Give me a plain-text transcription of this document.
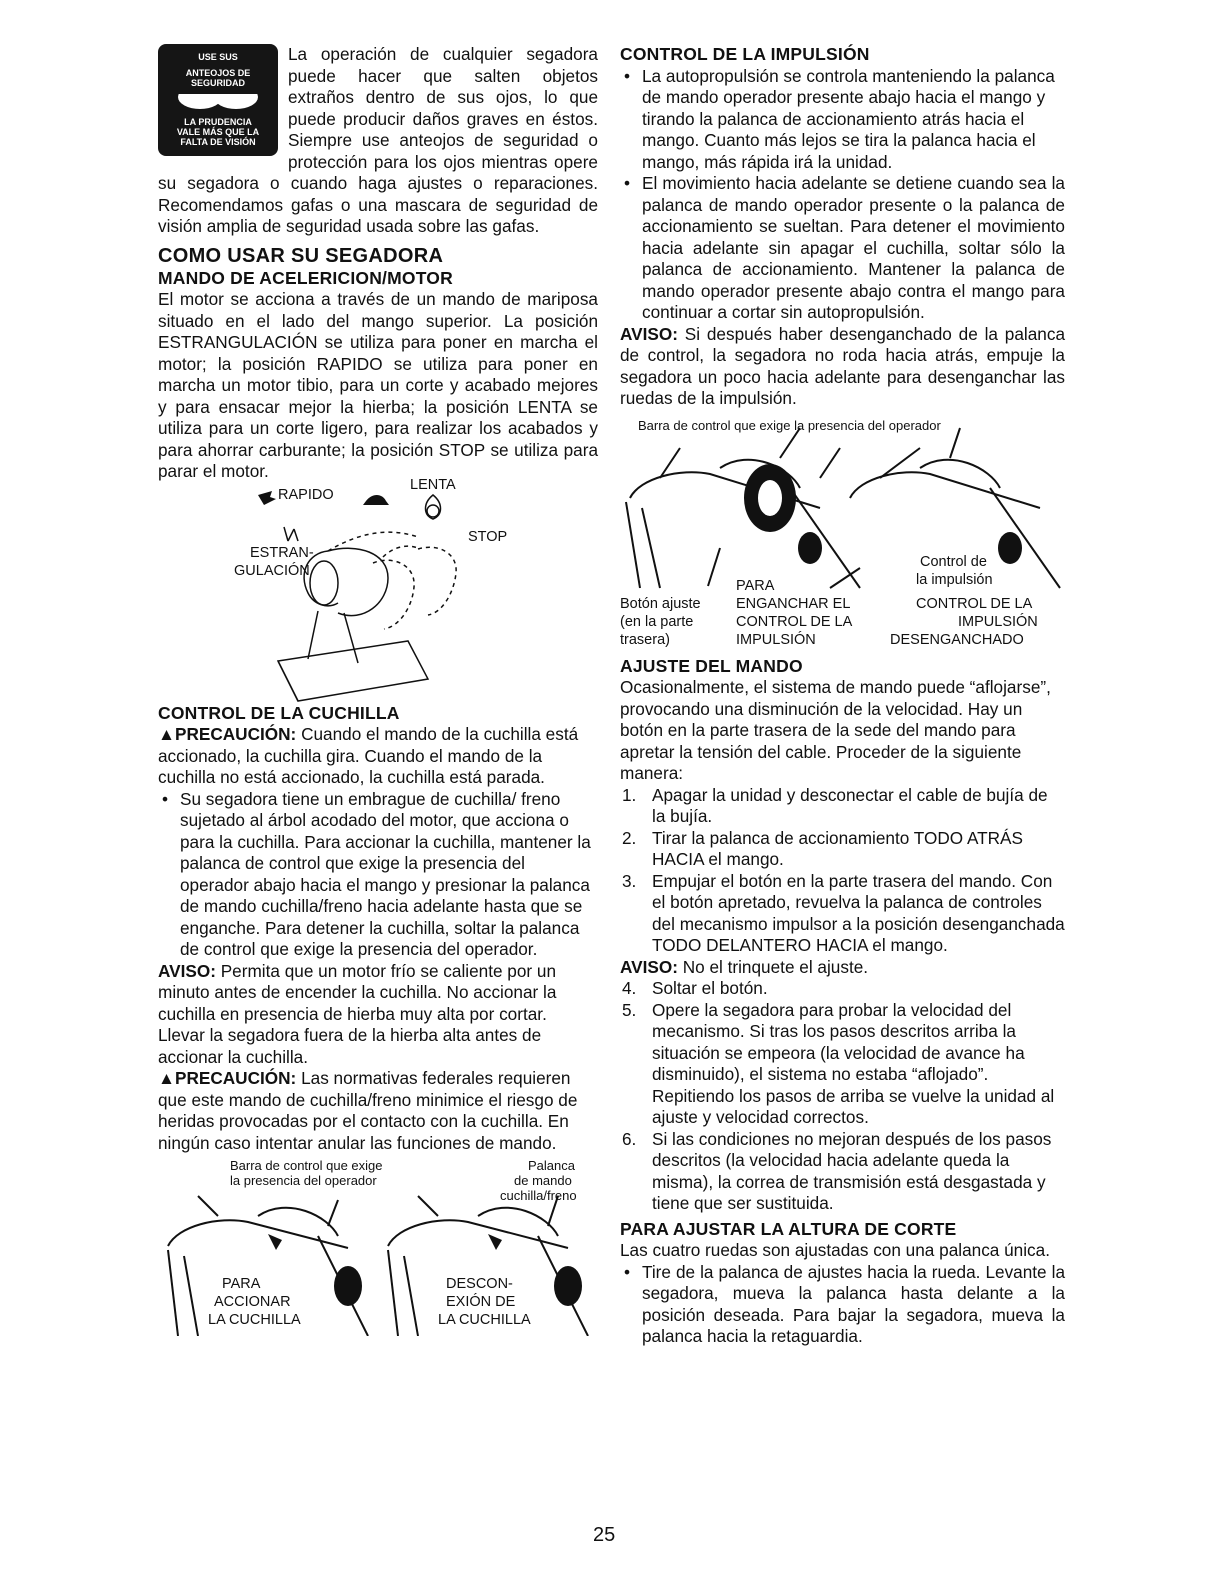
USE SUS
ANTEOJOS DE
SEGURIDAD
LA PRUDENCIA
VALE MÁS QUE LA
FALTA DE VISIÓN

La operación de cualquier segadora puede hacer que salten objetos extraños dentro de sus ojos, lo que puede producir daños graves en éstos. Siempre use anteojos de seguridad o protección para los ojos mientras opere su segadora o cuando haga ajustes o reparaciones. Recomendamos gafas o una mascara de seguridad de visión amplia de seguridad usada sobre las gafas.

COMO USAR SU SEGADORA
MANDO DE ACELERICION/MOTOR

El motor se acciona a través de un mando de mariposa situado en el lado del mango superior. La posición ESTRANGULACIÓN se utiliza para poner en marcha el motor; la posición RAPIDO se utiliza para poner en marcha un motor tibio, para un corte y acabado mejores y para ensacar mejor la hierba; la posición LENTA se utiliza para un corte ligero, para realizar los acabados y para ahorrar carburante; la posición STOP se utiliza para parar el motor.

RAPIDO
LENTA
STOP
ESTRAN-
GULACIÓN
CONTROL DE LA CUCHILLA

▲PRECAUCIÓN: Cuando el mando de la cuchilla está accionado, la cuchilla gira. Cuando el mando de la cuchilla no está accionado, la cuchilla está parada.

• Su segadora tiene un embrague de cuchilla/ freno sujetado al árbol acodado del motor, que acciona o para la cuchilla. Para accionar la cuchilla, mantener la palanca de control que exige la presencia del operador abajo hacia el mango y presionar la palanca de mando cuchilla/freno hacia adelante hasta que se enganche. Para detener la cuchilla, soltar la palanca de control que exige la presencia del operador.

AVISO: Permita que un motor frío se caliente por un minuto antes de encender la cuchilla. No accionar la cuchilla en presencia de hierba muy alta por cortar. Llevar la segadora fuera de la hierba alta antes de accionar la cuchilla.

▲PRECAUCIÓN: Las normativas federales requieren que este mando de cuchilla/freno minimice el riesgo de heridas provocadas por el contacto con la cuchilla. En ningún caso intentar anular las funciones de mando.

Barra de control que exige
la presencia del operador
Palanca
de mando
cuchilla/freno
PARA
ACCIONAR
LA CUCHILLA
DESCON-
EXIÓN DE
LA CUCHILLA
CONTROL DE LA IMPULSIÓN

• La autopropulsión se controla manteniendo la palanca de mando operador presente abajo hacia el mango y tirando la palanca de accionamiento atrás hacia el mango. Cuanto más lejos se tira la palanca hacia el mango, más rápida irá la unidad.

• El movimiento hacia adelante se detiene cuando sea la palanca de mando operador presente o la palanca de accionamiento se sueltan. Para detener el movimiento hacia adelante sin apagar el cuchilla, soltar sólo la palanca de accionamiento. Mantener la palanca de mando operador presente abajo contra el mango para continuar a cortar sin autopropulsión.

AVISO: Si después haber desenganchado de la palanca de control, la segadora no roda hacia atrás, empuje la segadora un poco hacia adelante para desenganchar las ruedas de la impulsión.

Barra de control que exige la presencia del operador
Control de
la impulsión
PARA
Botón ajuste
(en la parte
trasera)
ENGANCHAR EL
CONTROL DE LA
IMPULSIÓN
CONTROL DE LA
IMPULSIÓN
DESENGANCHADO
AJUSTE DEL MANDO

Ocasionalmente, el sistema de mando puede “aflojarse”, provocando una disminución de la velocidad. Hay un botón en la parte trasera de la sede del mando para apretar la tensión del cable. Proceder de la siguiente manera:

1. Apagar la unidad y desconectar el cable de bujía de la bujía.

2. Tirar la palanca de accionamiento TODO ATRÁS HACIA el mango.

3. Empujar el botón en la parte trasera del mando. Con el botón apretado, revuelva la palanca de controles del mecanismo impulsor a la posición desenganchada TODO DELANTERO HACIA el mango.

AVISO: No el trinquete el ajuste.

4. Soltar el botón.

5. Opere la segadora para probar la velocidad del mecanismo. Si tras los pasos descritos arriba la situación se empeora (la velocidad de avance ha disminuido), el sistema no estaba “aflojado”. Repitiendo los pasos de arriba se vuelve la unidad al ajuste y velocidad correctos.

6. Si las condiciones no mejoran después de los pasos descritos (la velocidad hacia adelante queda la misma), la correa de transmisión está desgastada y tiene que ser sustituida.

PARA AJUSTAR LA ALTURA DE CORTE

Las cuatro ruedas son ajustadas con una palanca única.

• Tire de la palanca de ajustes hacia la rueda. Levante la segadora, mueva la palanca hasta delante a la posición deseada. Para bajar la segadora, mueva la palanca hacia la retaguardia.

25
